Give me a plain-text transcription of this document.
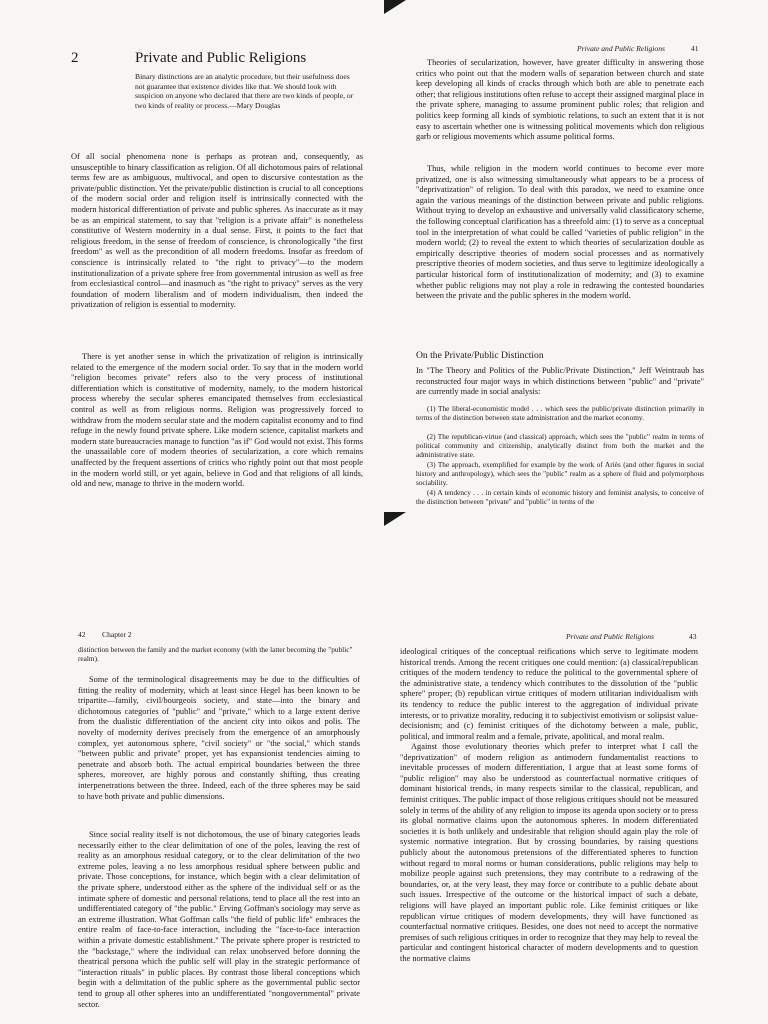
2	Private and Public Religions

Binary distinctions are an analytic procedure, but their usefulness does not guarantee that existence divides like that. We should look with suspicion on anyone who declared that there are two kinds of people, or two kinds of reality or process.—Mary Douglas

Of all social phenomena none is perhaps as protean and, consequently, as unsusceptible to binary classification as religion. Of all dichotomous pairs of relational terms few are as ambiguous, multivocal, and open to discursive contestation as the private/public distinction. Yet the private/public distinction is crucial to all conceptions of the modern social order and religion itself is intrinsically connected with the modern historical differentiation of private and public spheres. As inaccurate as it may be as an empirical statement, to say that "religion is a private affair" is nonetheless constitutive of Western modernity in a dual sense. First, it points to the fact that religious freedom, in the sense of freedom of conscience, is chronologically "the first freedom" as well as the precondition of all modern freedoms. Insofar as freedom of conscience is intrinsically related to "the right to privacy"—to the modern institutionalization of a private sphere free from governmental intrusion as well as free from ecclesiastical control—and inasmuch as "the right to privacy" serves as the very foundation of modern liberalism and of modern individualism, then indeed the privatization of religion is essential to modernity.

There is yet another sense in which the privatization of religion is intrinsically related to the emergence of the modern social order. To say that in the modern world "religion becomes private" refers also to the very process of institutional differentiation which is constitutive of modernity, namely, to the modern historical process whereby the secular spheres emancipated themselves from ecclesiastical control as well as from religious norms. Religion was progressively forced to withdraw from the modern secular state and the modern capitalist economy and to find refuge in the newly found private sphere. Like modern science, capitalist markets and modern state bureaucracies manage to function "as if" God would not exist. This forms the unassailable core of modern theories of secularization, a core which remains unaffected by the frequent assertions of critics who rightly point out that most people in the modern world still, or yet again, believe in God and that religions of all kinds, old and new, manage to thrive in the modern world.

Private and Public Religions	41

Theories of secularization, however, have greater difficulty in answering those critics who point out that the modern walls of separation between church and state keep developing all kinds of cracks through which both are able to penetrate each other; that religious institutions often refuse to accept their assigned marginal place in the private sphere, managing to assume prominent public roles; that religion and politics keep forming all kinds of symbiotic relations, to such an extent that it is not easy to ascertain whether one is witnessing political movements which don religious garb or religious movements which assume political forms.

Thus, while religion in the modern world continues to become ever more privatized, one is also witnessing simultaneously what appears to be a process of "deprivatization" of religion. To deal with this paradox, we need to examine once again the various meanings of the distinction between private and public religions. Without trying to develop an exhaustive and universally valid classificatory scheme, the following conceptual clarification has a threefold aim: (1) to serve as a conceptual tool in the interpretation of what could be called "varieties of public religion" in the modern world; (2) to reveal the extent to which theories of secularization double as empirically descriptive theories of modern social processes and as normatively prescriptive theories of modern societies, and thus serve to legitimize ideologically a particular historical form of institutionalization of modernity; and (3) to examine whether public religions may not play a role in redrawing the contested boundaries between the private and the public spheres in the modern world.

On the Private/Public Distinction

In "The Theory and Politics of the Public/Private Distinction," Jeff Weintraub has reconstructed four major ways in which distinctions between "public" and "private" are currently made in social analysis:

(1) The liberal-economistic model . . . which sees the public/private distinction primarily in terms of the distinction between state administration and the market economy.

(2) The republican-virtue (and classical) approach, which sees the "public" realm in terms of political community and citizenship, analytically distinct from both the market and the administrative state.

(3) The approach, exemplified for example by the work of Ariès (and other figures in social history and anthropology), which sees the "public" realm as a sphere of fluid and polymorphous sociability.

(4) A tendency . . . in certain kinds of economic history and feminist analysis, to conceive of the distinction between "private" and "public" in terms of the

42 Chapter 2

distinction between the family and the market economy (with the latter becoming the "public" realm).

Some of the terminological disagreements may be due to the difficulties of fitting the reality of modernity, which at least since Hegel has been known to be tripartite—family, civil/bourgeois society, and state—into the binary and dichotomous categories of "public" and "private," which to a large extent derive from the dualistic differentiation of the ancient city into oikos and polis. The novelty of modernity derives precisely from the emergence of an amorphously complex, yet autonomous sphere, "civil society" or "the social," which stands "between public and private" proper, yet has expansionist tendencies aiming to penetrate and absorb both. The actual empirical boundaries between the three spheres, moreover, are highly porous and constantly shifting, thus creating interpenetrations between the three. Indeed, each of the three spheres may be said to have both private and public dimensions.

Since social reality itself is not dichotomous, the use of binary categories leads necessarily either to the clear delimitation of one of the poles, leaving the rest of reality as an amorphous residual category, or to the clear delimitation of the two extreme poles, leaving a no less amorphous residual sphere between public and private. Those conceptions, for instance, which begin with a clear delimitation of the private sphere, understood either as the sphere of the individual self or as the intimate sphere of domestic and personal relations, tend to place all the rest into an undifferentiated category of "the public." Erving Goffman's sociology may serve as an extreme illustration. What Goffman calls "the field of public life" embraces the entire realm of face-to-face interaction, including the "face-to-face interaction within a private domestic establishment." The private sphere proper is restricted to the "backstage," where the individual can relax unobserved before donning the theatrical persona which the public self will play in the strategic performance of "interaction rituals" in public places. By contrast those liberal conceptions which begin with a delimitation of the public sphere as the governmental public sector tend to group all other spheres into an undifferentiated "nongovernmental" private sector.

Private and Public Religions	43

ideological critiques of the conceptual reifications which serve to legitimate modern historical trends. Among the recent critiques one could mention: (a) classical/republican critiques of the modern tendency to reduce the political to the governmental sphere of the administrative state, a tendency which contributes to the dissolution of the "public sphere" proper; (b) republican virtue critiques of modern utilitarian individualism with its tendency to reduce the public interest to the aggregation of individual private interests, or to privatize morality, reducing it to subjectivist emotivism or solipsist value-decisionism; and (c) feminist critiques of the dichotomy between a male, public, political, and immoral realm and a female, private, apolitical, and moral realm.

Against those evolutionary theories which prefer to interpret what I call the "deprivatization" of modern religion as antimodern fundamentalist reactions to inevitable processes of modern differentiation, I argue that at least some forms of "public religion" may also be understood as counterfactual normative critiques of dominant historical trends, in many respects similar to the classical, republican, and feminist critiques. The public impact of those religious critiques should not be measured solely in terms of the ability of any religion to impose its agenda upon society or to press its global normative claims upon the autonomous spheres. In modern differentiated societies it is both unlikely and undesirable that religion should again play the role of systemic normative integration. But by crossing boundaries, by raising questions publicly about the autonomous pretensions of the differentiated spheres to function without regard to moral norms or human considerations, public religions may help to mobilize people against such pretensions, they may contribute to a redrawing of the boundaries, or, at the very least, they may force or contribute to a public debate about such issues. Irrespective of the outcome or the historical impact of such a debate, religions will have played an important public role. Like feminist critiques or like republican virtue critiques of modern developments, they will have functioned as counterfactual normative critiques. Besides, one does not need to accept the normative premises of such religious critiques in order to recognize that they may help to reveal the particular and contingent historical character of modern developments and to question the normative claims
